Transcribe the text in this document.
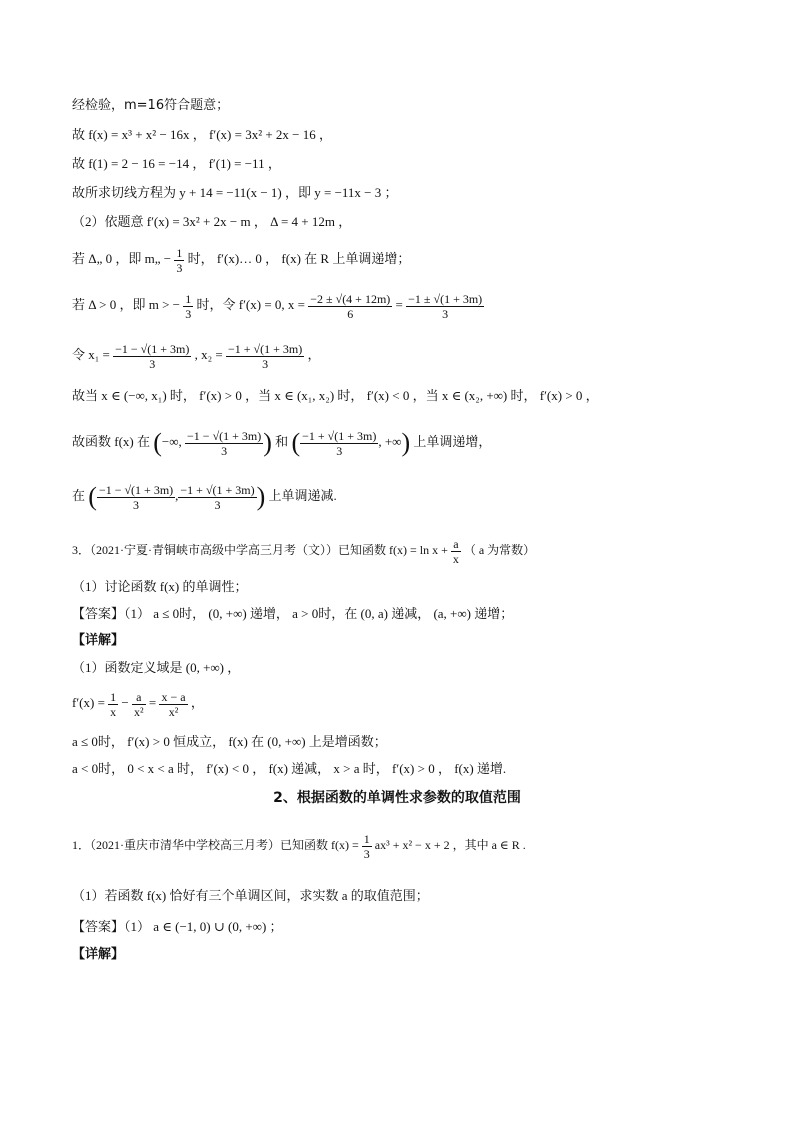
经检验，m=16符合题意；
故 f(x) = x³ + x² − 16x ， f′(x) = 3x² + 2x − 16 ，
故 f(1) = 2 − 16 = −14 ， f′(1) = −11 ，
故所求切线方程为 y + 14 = −11(x − 1) ，即 y = −11x − 3 ；
（2）依题意 f′(x) = 3x² + 2x − m ， Δ = 4 + 12m ，
若 Δ„ 0 ，即 m„ − $\frac{1}{3}$ 时， f′(x)… 0 ， f(x) 在 R 上单调递增；
若 Δ > 0 ，即 m > − $\frac{1}{3}$ 时，令 f′(x) = 0, $x = \frac{-2 \pm √(4 + 12m)}{6} = \frac{-1 \pm √(1 + 3m)}{3}$
令 $x_1 = \frac{-1 - √(1 + 3m)}{3}$ , $x_2 = \frac{-1 + √(1 + 3m)}{3}$ ，
故当 x ∈ (−∞, x₁) 时， f′(x) > 0 ，当 x ∈ (x₁, x₂) 时， f′(x) < 0 ，当 x ∈ (x₂, +∞) 时， f′(x) > 0 ，
故函数 f(x) 在 (−∞, $\frac{-1 - √(1 + 3m)}{3}$ ) 和 ( $\frac{-1 + √(1 + 3m)}{3}$ , +∞) 上单调递增，
在 ( $\frac{-1 - √(1 + 3m)}{3}$ , $\frac{-1 + √(1 + 3m)}{3}$ ) 上单调递减.
3．（2021·宁夏·青铜峡市高级中学高三月考（文））已知函数 $f(x) = \ln x + \frac{a}{x}$ （ a 为常数）
（1）讨论函数 f(x) 的单调性；
【答案】（1） a ≤ 0时， (0, +∞) 递增， a > 0时，在 (0, a) 递减， (a, +∞) 递增；
【详解】
（1）函数定义域是 (0, +∞) ，
$f'(x) = \frac{1}{x} - \frac{a}{\text{x²}} = \frac{x - a}{\text{x²}}$ ，
a ≤ 0时， f′(x) > 0 恒成立， f(x) 在 (0, +∞) 上是增函数；
a < 0时， 0 < x < a 时， f′(x) < 0 ， f(x) 递减， x > a 时， f′(x) > 0 ， f(x) 递增.
2、根据函数的单调性求参数的取值范围
1．（2021·重庆市清华中学校高三月考）已知函数 $f(x) = \frac{1}{3} ax^3 + x^2 - x + 2$ ，其中 a ∈ R .
（1）若函数 f(x) 恰好有三个单调区间，求实数 a 的取值范围；
【答案】（1） a ∈ (−1, 0) ∪ (0, +∞) ；
【详解】
